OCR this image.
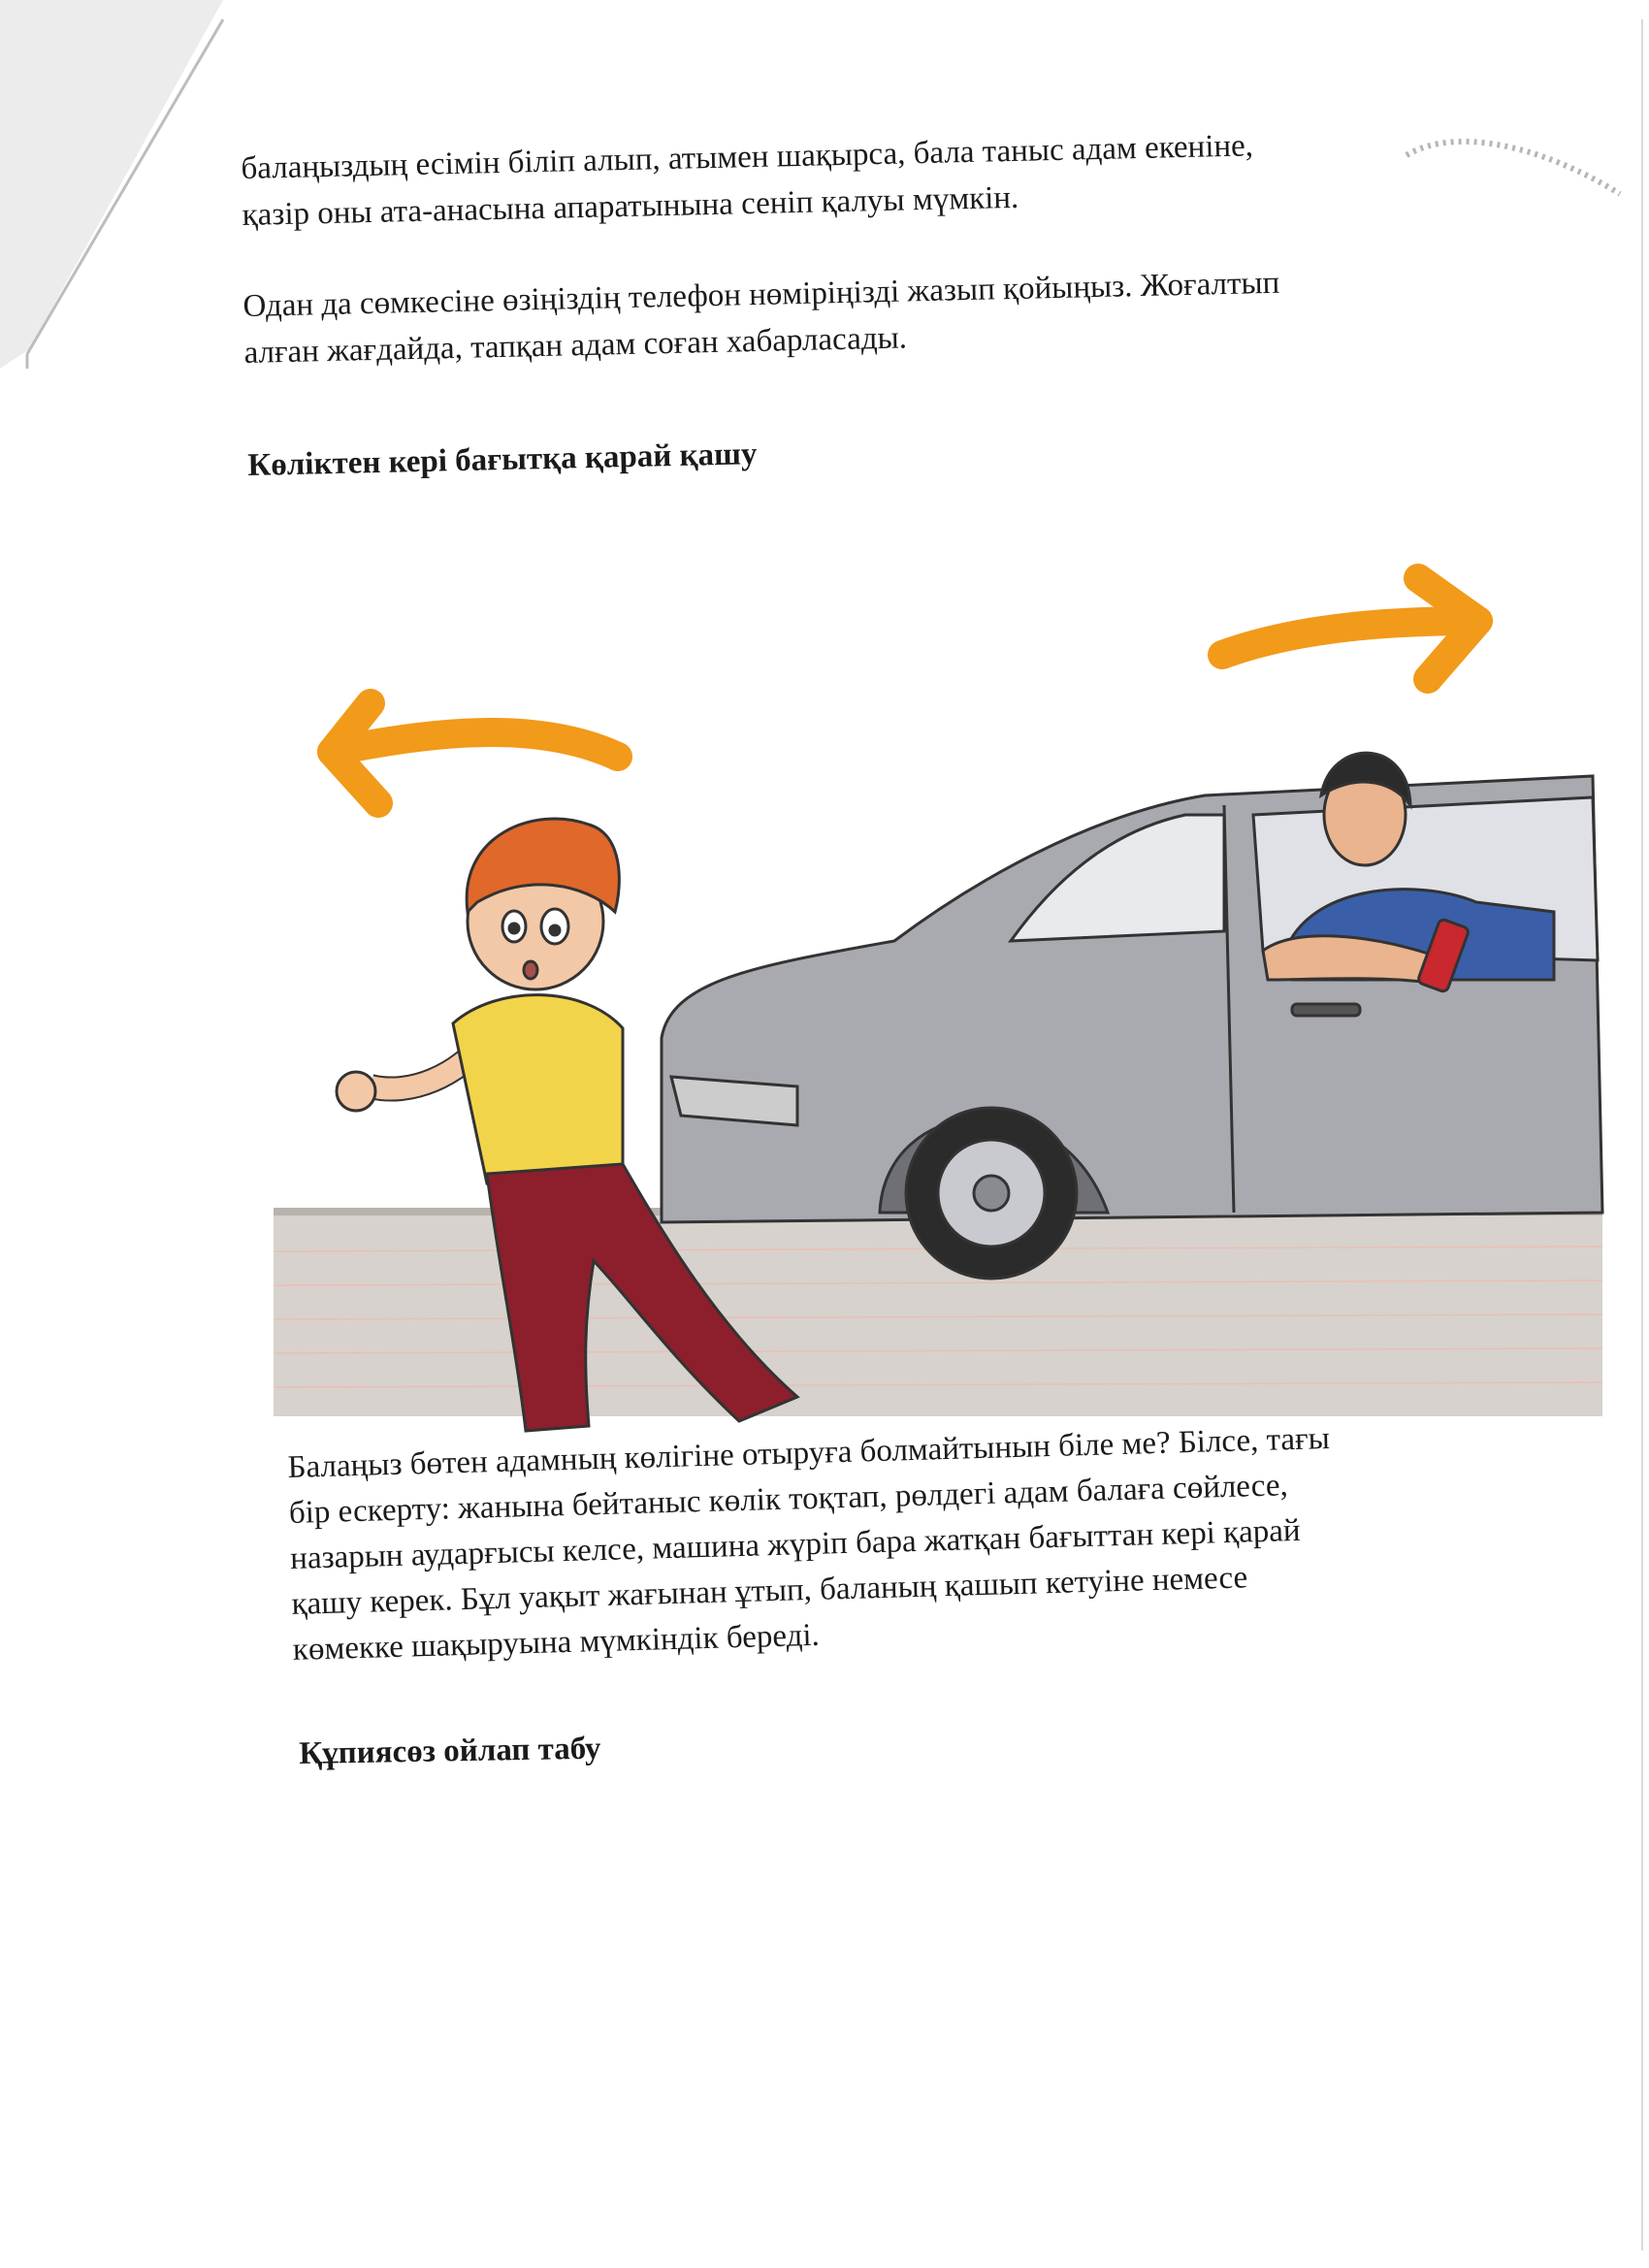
балаңыздың есімін біліп алып, атымен шақырса, бала таныс адам екеніне,
қазір оны ата-анасына апаратынына сеніп қалуы мүмкін.

Одан да сөмкесіне өзіңіздің телефон нөміріңізді жазып қойыңыз. Жоғалтып
алған жағдайда, тапқан адам соған хабарласады.

Көліктен кері бағытқа қарай қашу

Балаңыз бөтен адамның көлігіне отыруға болмайтынын біле ме? Білсе, тағы
бір ескерту: жанына бейтаныс көлік тоқтап, рөлдегі адам балаға сөйлесе,
назарын аударғысы келсе, машина жүріп бара жатқан бағыттан кері қарай
қашу керек. Бұл уақыт жағынан ұтып, баланың қашып кетуіне немесе
көмекке шақыруына мүмкіндік береді.

Құпиясөз ойлап табу
